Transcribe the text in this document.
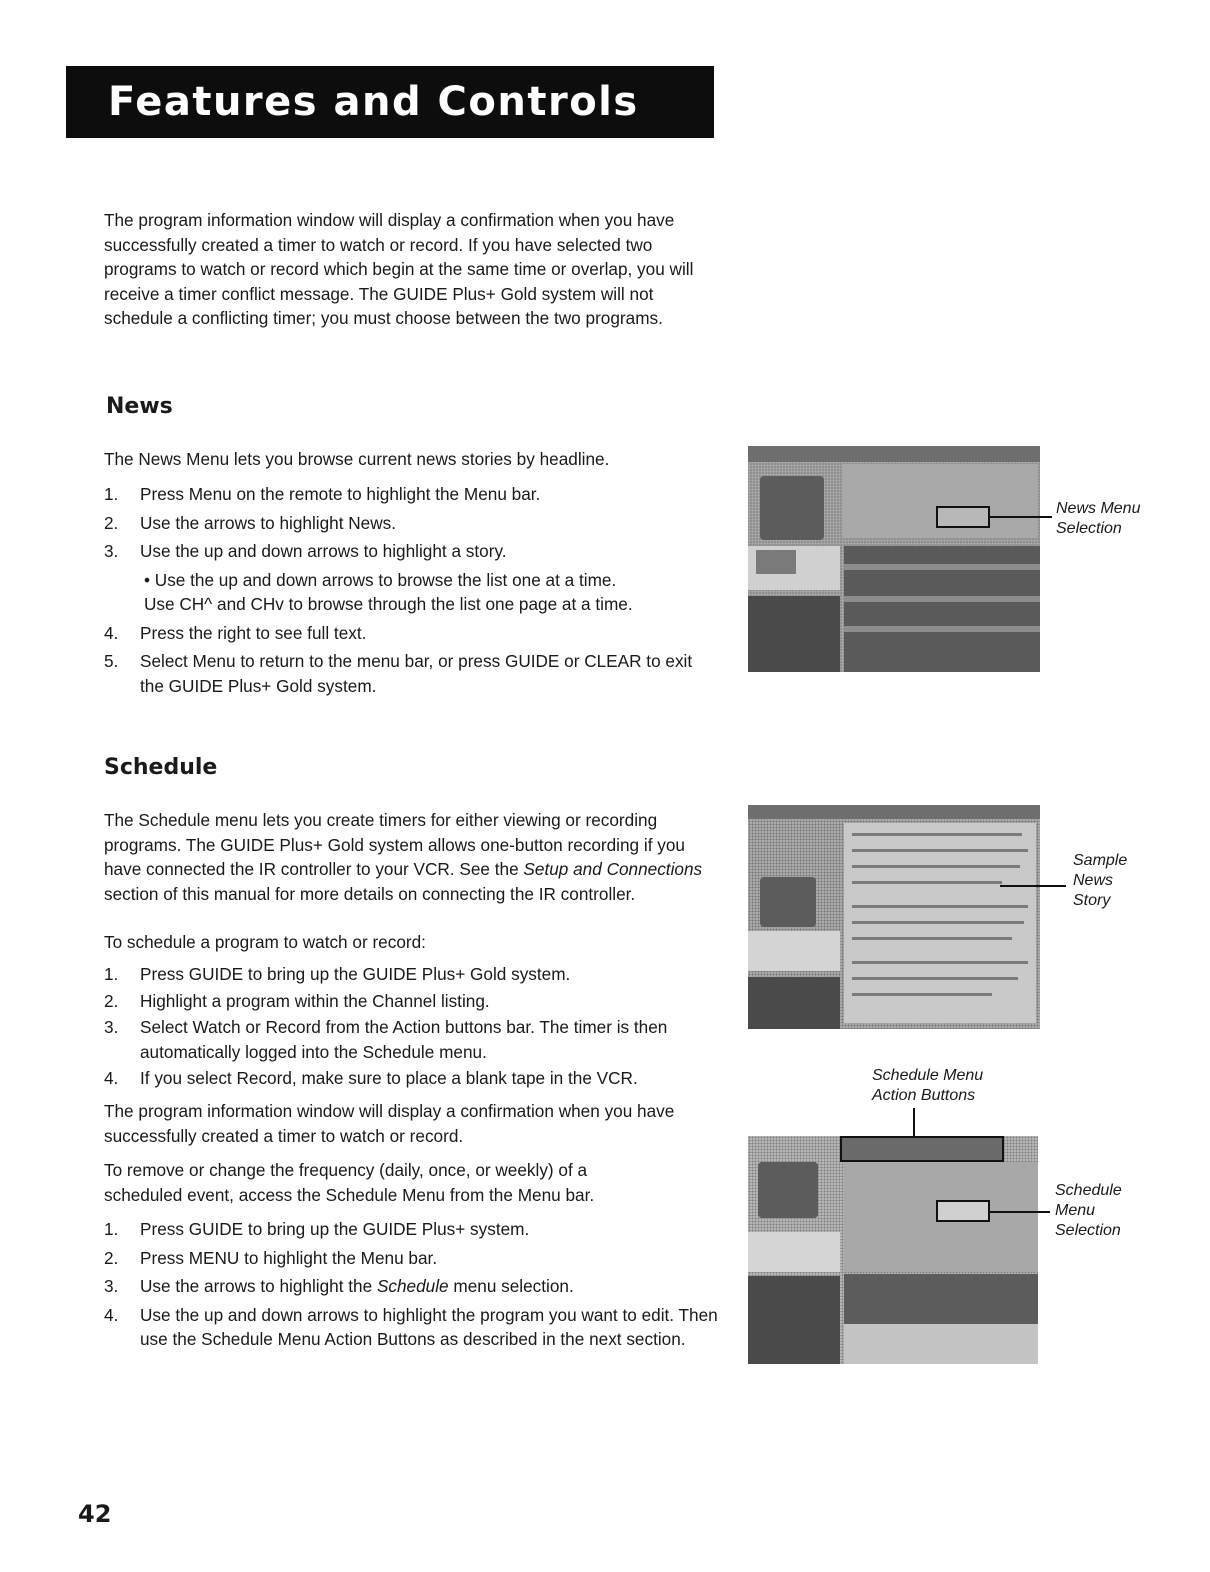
Features and Controls

The program information window will display a confirmation when you have successfully created a timer to watch or record. If you have selected two programs to watch or record which begin at the same time or overlap, you will receive a timer conflict message. The GUIDE Plus+ Gold system will not schedule a conflicting timer; you must choose between the two programs.

News

The News Menu lets you browse current news stories by headline.

1. Press Menu on the remote to highlight the Menu bar.
2. Use the arrows to highlight News.
3. Use the up and down arrows to highlight a story.
• Use the up and down arrows to browse the list one at a time.
Use CH^ and CHv to browse through the list one page at a time.
4. Press the right to see full text.
5. Select Menu to return to the menu bar, or press GUIDE or CLEAR to exit the GUIDE Plus+ Gold system.
News Menu
Selection
Schedule

The Schedule menu lets you create timers for either viewing or recording programs. The GUIDE Plus+ Gold system allows one-button recording if you have connected the IR controller to your VCR. See the Setup and Connections section of this manual for more details on connecting the IR controller.

To schedule a program to watch or record:

1. Press GUIDE to bring up the GUIDE Plus+ Gold system.
2. Highlight a program within the Channel listing.
3. Select Watch or Record from the Action buttons bar. The timer is then automatically logged into the Schedule menu.
4. If you select Record, make sure to place a blank tape in the VCR.

The program information window will display a confirmation when you have successfully created a timer to watch or record.

To remove or change the frequency (daily, once, or weekly) of a scheduled event, access the Schedule Menu from the Menu bar.

1. Press GUIDE to bring up the GUIDE Plus+ system.
2. Press MENU to highlight the Menu bar.
3. Use the arrows to highlight the Schedule menu selection.
4. Use the up and down arrows to highlight the program you want to edit. Then use the Schedule Menu Action Buttons as described in the next section.
Sample
News
Story
Schedule Menu
Action Buttons
Schedule
Menu
Selection
42
